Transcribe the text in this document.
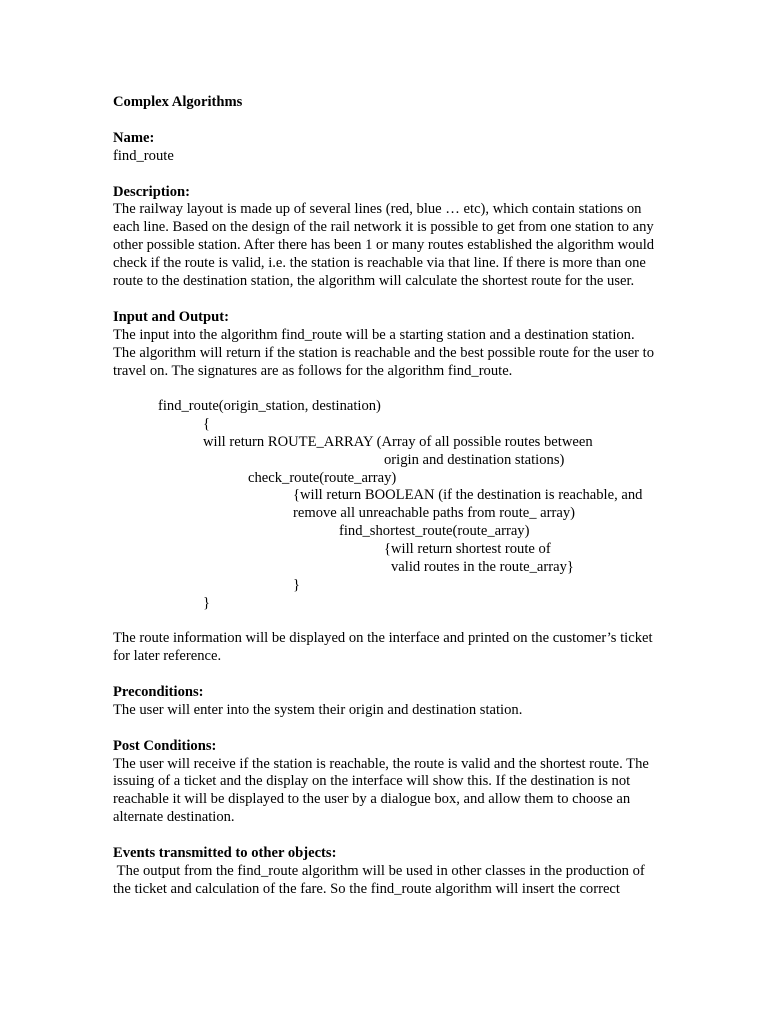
Complex Algorithms
Name:
find_route
Description:

The railway layout is made up of several lines (red, blue … etc), which contain stations on each line. Based on the design of the rail network it is possible to get from one station to any other possible station. After there has been 1 or many routes established the algorithm would check if the route is valid, i.e. the station is reachable via that line. If there is more than one route to the destination station, the algorithm will calculate the shortest route for the user.

Input and Output:

The input into the algorithm find_route will be a starting station and a destination station. The algorithm will return if the station is reachable and the best possible route for the user to travel on. The signatures are as follows for the algorithm find_route.

find_route(origin_station, destination)
{
will return ROUTE_ARRAY (Array of all possible routes between
origin and destination stations)
check_route(route_array)
{will return BOOLEAN (if the destination is reachable, and
remove all unreachable paths from route_ array)
find_shortest_route(route_array)
{will return shortest route of
valid routes in the route_array}
}
}

The route information will be displayed on the interface and printed on the customer’s ticket for later reference.

Preconditions:

The user will enter into the system their origin and destination station.

Post Conditions:

The user will receive if the station is reachable, the route is valid and the shortest route. The issuing of a ticket and the display on the interface will show this. If the destination is not reachable it will be displayed to the user by a dialogue box, and allow them to choose an alternate destination.

Events transmitted to other objects:

The output from the find_route algorithm will be used in other classes in the production of the ticket and calculation of the fare. So the find_route algorithm will insert the correct
